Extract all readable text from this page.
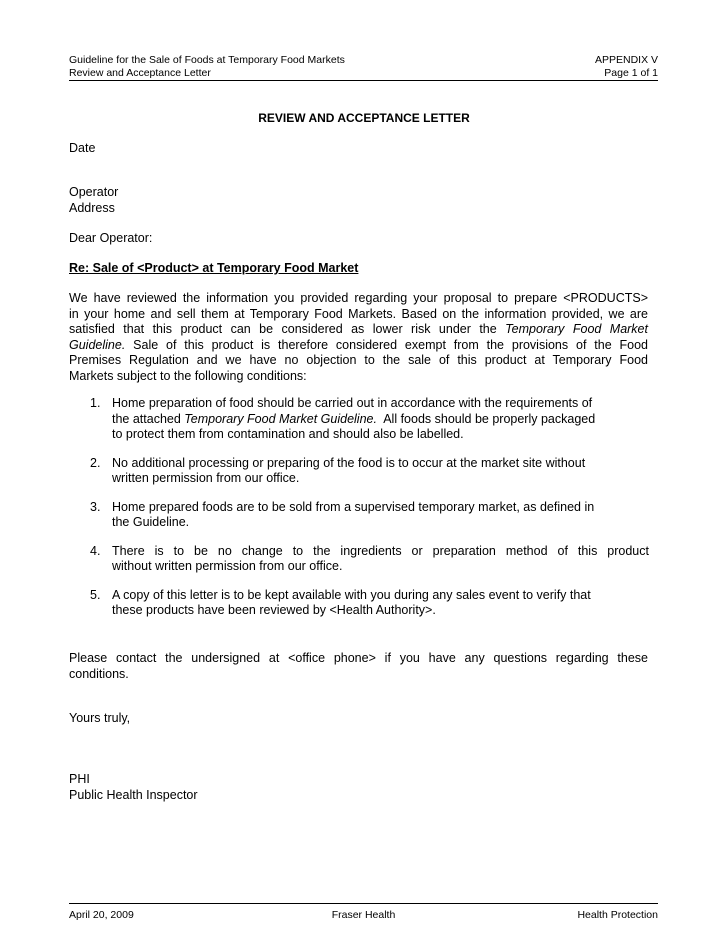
Guideline for the Sale of Foods at Temporary Food Markets	APPENDIX V
Review and Acceptance Letter	Page 1 of 1
REVIEW AND ACCEPTANCE LETTER
Date
Operator
Address
Dear Operator:
Re: Sale of <Product> at Temporary Food Market
We have reviewed the information you provided regarding your proposal to prepare <PRODUCTS>
in your home and sell them at Temporary Food Markets. Based on the information provided, we are
satisfied that this product can be considered as lower risk under the Temporary Food Market
Guideline. Sale of this product is therefore considered exempt from the provisions of the Food
Premises Regulation and we have no objection to the sale of this product at Temporary Food
Markets subject to the following conditions:
1. Home preparation of food should be carried out in accordance with the requirements of
the attached Temporary Food Market Guideline.  All foods should be properly packaged
to protect them from contamination and should also be labelled.
2. No additional processing or preparing of the food is to occur at the market site without
written permission from our office.
3. Home prepared foods are to be sold from a supervised temporary market, as defined in
the Guideline.
4. There is to be no change to the ingredients or preparation method of this product
without written permission from our office.
5. A copy of this letter is to be kept available with you during any sales event to verify that
these products have been reviewed by <Health Authority>.
Please contact the undersigned at <office phone> if you have any questions regarding these
conditions.
Yours truly,
PHI
Public Health Inspector
April 20, 2009	Fraser Health	Health Protection
